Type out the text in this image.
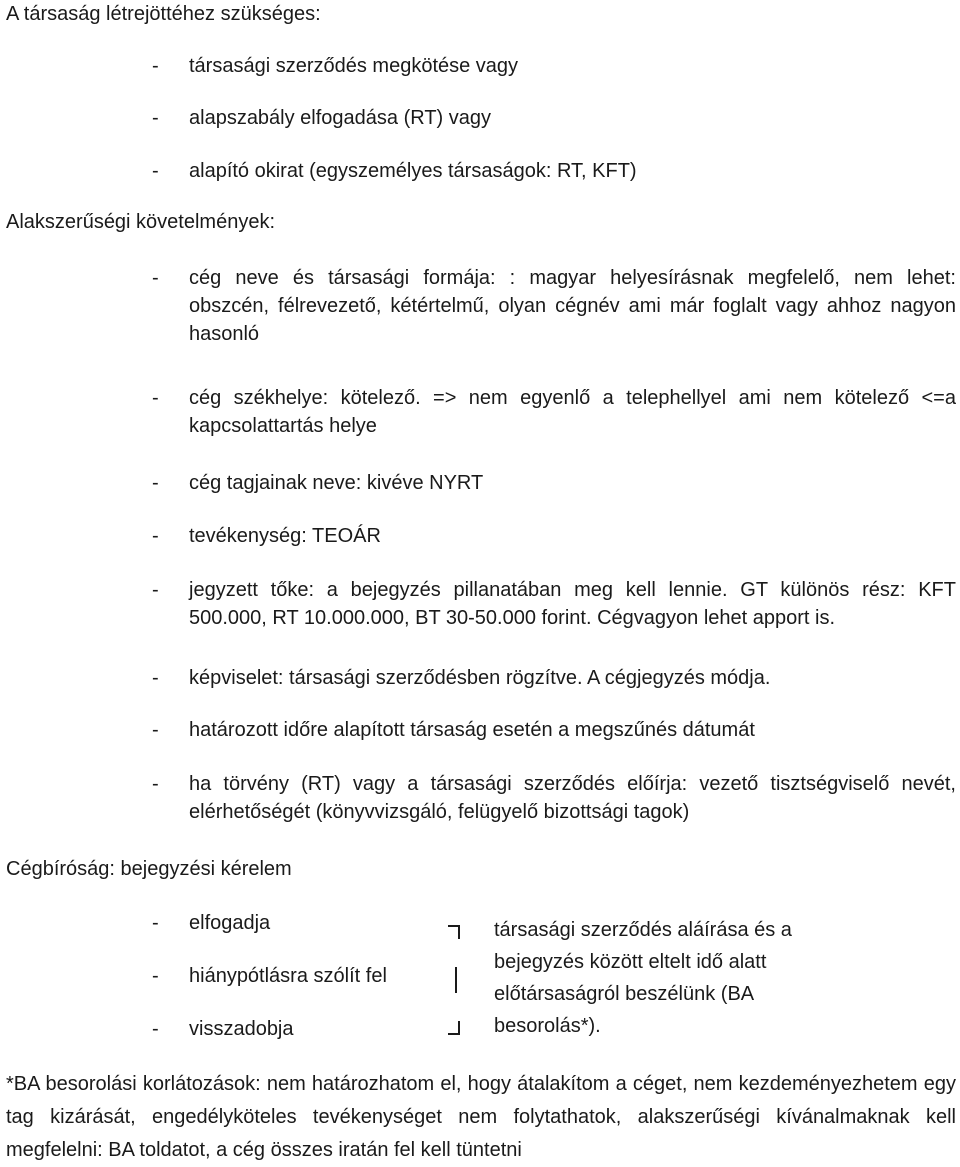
A társaság létrejöttéhez szükséges:
- társasági szerződés megkötése vagy
- alapszabály elfogadása (RT) vagy
- alapító okirat (egyszemélyes társaságok: RT, KFT)
Alakszerűségi követelmények:
- cég neve és társasági formája: : magyar helyesírásnak megfelelő, nem lehet: obszcén, félrevezető, kétértelmű, olyan cégnév ami már foglalt vagy ahhoz nagyon hasonló
- cég székhelye: kötelező. => nem egyenlő a telephellyel ami nem kötelező <=a kapcsolattartás helye
- cég tagjainak neve: kivéve NYRT
- tevékenység: TEOÁR
- jegyzett tőke: a bejegyzés pillanatában meg kell lennie. GT különös rész: KFT 500.000, RT 10.000.000, BT 30-50.000 forint. Cégvagyon lehet apport is.
- képviselet: társasági szerződésben rögzítve. A cégjegyzés módja.
- határozott időre alapított társaság esetén a megszűnés dátumát
- ha törvény (RT) vagy a társasági szerződés előírja: vezető tisztségviselő nevét, elérhetőségét (könyvvizsgáló, felügyelő bizottsági tagok)
Cégbíróság: bejegyzési kérelem
- elfogadja
- hiánypótlásra szólít fel
- visszadobja
társasági szerződés aláírása és a bejegyzés között eltelt idő alatt előtársaságról beszélünk (BA besorolás*).
*BA besorolási korlátozások: nem határozhatom el, hogy átalakítom a céget, nem kezdeményezhetem egy tag kizárását, engedélyköteles tevékenységet nem folytathatok, alakszerűségi kívánalmaknak kell megfelelni: BA toldatot, a cég összes iratán fel kell tüntetni
